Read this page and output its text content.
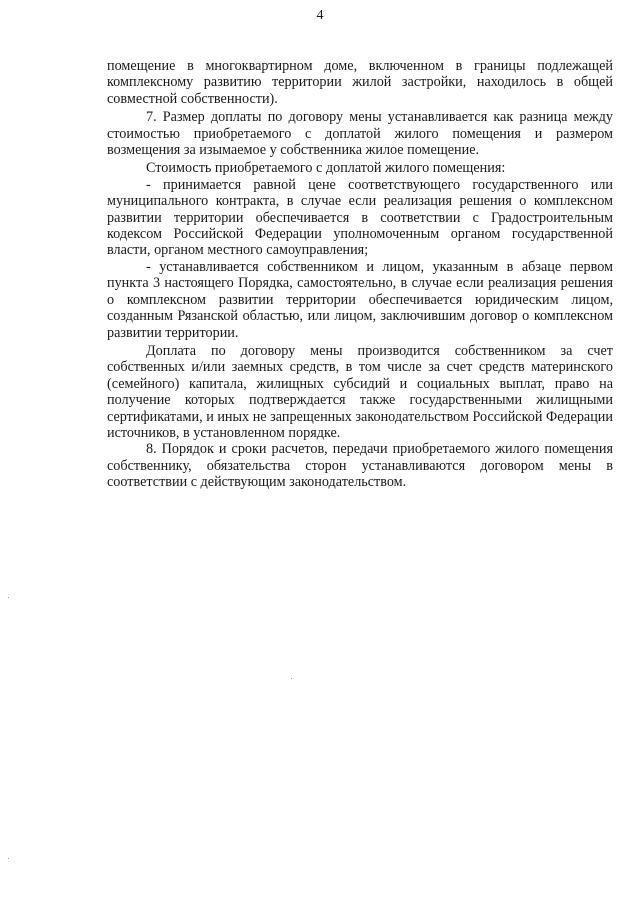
4

помещение в многоквартирном доме, включенном в границы подлежащей комплексному развитию территории жилой застройки, находилось в общей совместной собственности).

7. Размер доплаты по договору мены устанавливается как разница между стоимостью приобретаемого с доплатой жилого помещения и размером возмещения за изымаемое у собственника жилое помещение.

Стоимость приобретаемого с доплатой жилого помещения:

- принимается равной цене соответствующего государственного или муниципального контракта, в случае если реализация решения о комплексном развитии территории обеспечивается в соответствии с Градостроительным кодексом Российской Федерации уполномоченным органом государственной власти, органом местного самоуправления;

- устанавливается собственником и лицом, указанным в абзаце первом пункта 3 настоящего Порядка, самостоятельно, в случае если реализация решения о комплексном развитии территории обеспечивается юридическим лицом, созданным Рязанской областью, или лицом, заключившим договор о комплексном развитии территории.

Доплата по договору мены производится собственником за счет собственных и/или заемных средств, в том числе за счет средств материнского (семейного) капитала, жилищных субсидий и социальных выплат, право на получение которых подтверждается также государственными жилищными сертификатами, и иных не запрещенных законодательством Российской Федерации источников, в установленном порядке.

8. Порядок и сроки расчетов, передачи приобретаемого жилого помещения собственнику, обязательства сторон устанавливаются договором мены в соответствии с действующим законодательством.
